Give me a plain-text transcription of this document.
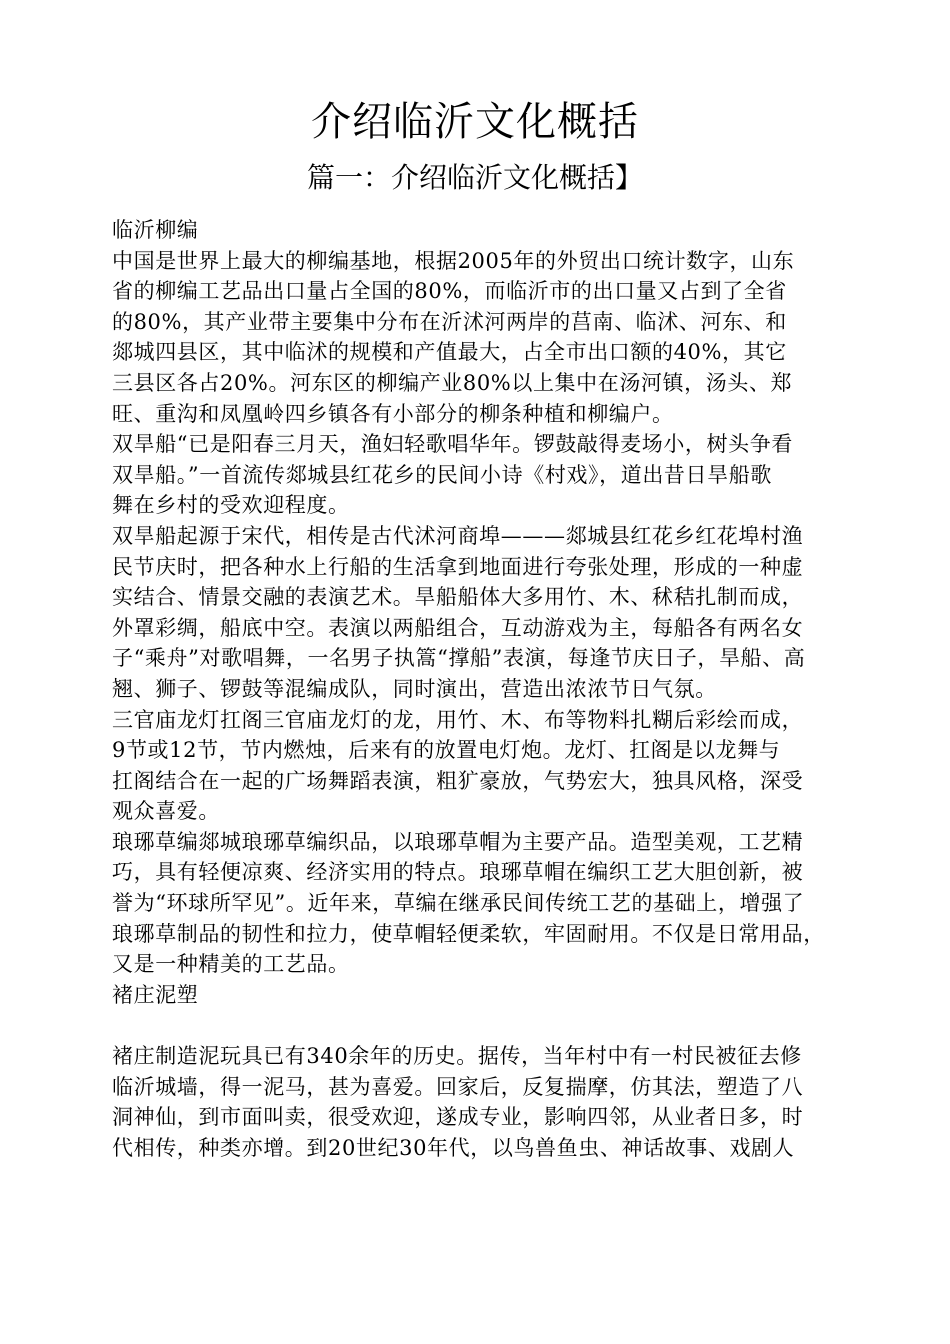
介绍临沂文化概括
篇一：介绍临沂文化概括】
临沂柳编
中国是世界上最大的柳编基地，根据2005年的外贸出口统计数字，山东
省的柳编工艺品出口量占全国的80%，而临沂市的出口量又占到了全省
的80%，其产业带主要集中分布在沂沭河两岸的莒南、临沭、河东、和
郯城四县区，其中临沭的规模和产值最大，占全市出口额的40%，其它
三县区各占20%。河东区的柳编产业80%以上集中在汤河镇，汤头、郑
旺、重沟和凤凰岭四乡镇各有小部分的柳条种植和柳编户。
双旱船“已是阳春三月天，渔妇轻歌唱华年。锣鼓敲得麦场小，树头争看
双旱船。”一首流传郯城县红花乡的民间小诗《村戏》，道出昔日旱船歌
舞在乡村的受欢迎程度。
双旱船起源于宋代，相传是古代沭河商埠———郯城县红花乡红花埠村渔
民节庆时，把各种水上行船的生活拿到地面进行夸张处理，形成的一种虚
实结合、情景交融的表演艺术。旱船船体大多用竹、木、秫秸扎制而成，
外罩彩绸，船底中空。表演以两船组合，互动游戏为主，每船各有两名女
子“乘舟”对歌唱舞，一名男子执篙“撑船”表演，每逢节庆日子，旱船、高
翘、狮子、锣鼓等混编成队，同时演出，营造出浓浓节日气氛。
三官庙龙灯扛阁三官庙龙灯的龙，用竹、木、布等物料扎糊后彩绘而成，
9节或12节，节内燃烛，后来有的放置电灯炮。龙灯、扛阁是以龙舞与
扛阁结合在一起的广场舞蹈表演，粗犷豪放，气势宏大，独具风格，深受
观众喜爱。
琅琊草编郯城琅琊草编织品，以琅琊草帽为主要产品。造型美观，工艺精
巧，具有轻便凉爽、经济实用的特点。琅琊草帽在编织工艺大胆创新，被
誉为“环球所罕见”。近年来，草编在继承民间传统工艺的基础上，增强了
琅琊草制品的韧性和拉力，使草帽轻便柔软，牢固耐用。不仅是日常用品，
又是一种精美的工艺品。
褚庄泥塑
褚庄制造泥玩具已有340余年的历史。据传，当年村中有一村民被征去修
临沂城墙，得一泥马，甚为喜爱。回家后，反复揣摩，仿其法，塑造了八
洞神仙，到市面叫卖，很受欢迎，遂成专业，影响四邻，从业者日多，时
代相传，种类亦增。到20世纪30年代，以鸟兽鱼虫、神话故事、戏剧人
